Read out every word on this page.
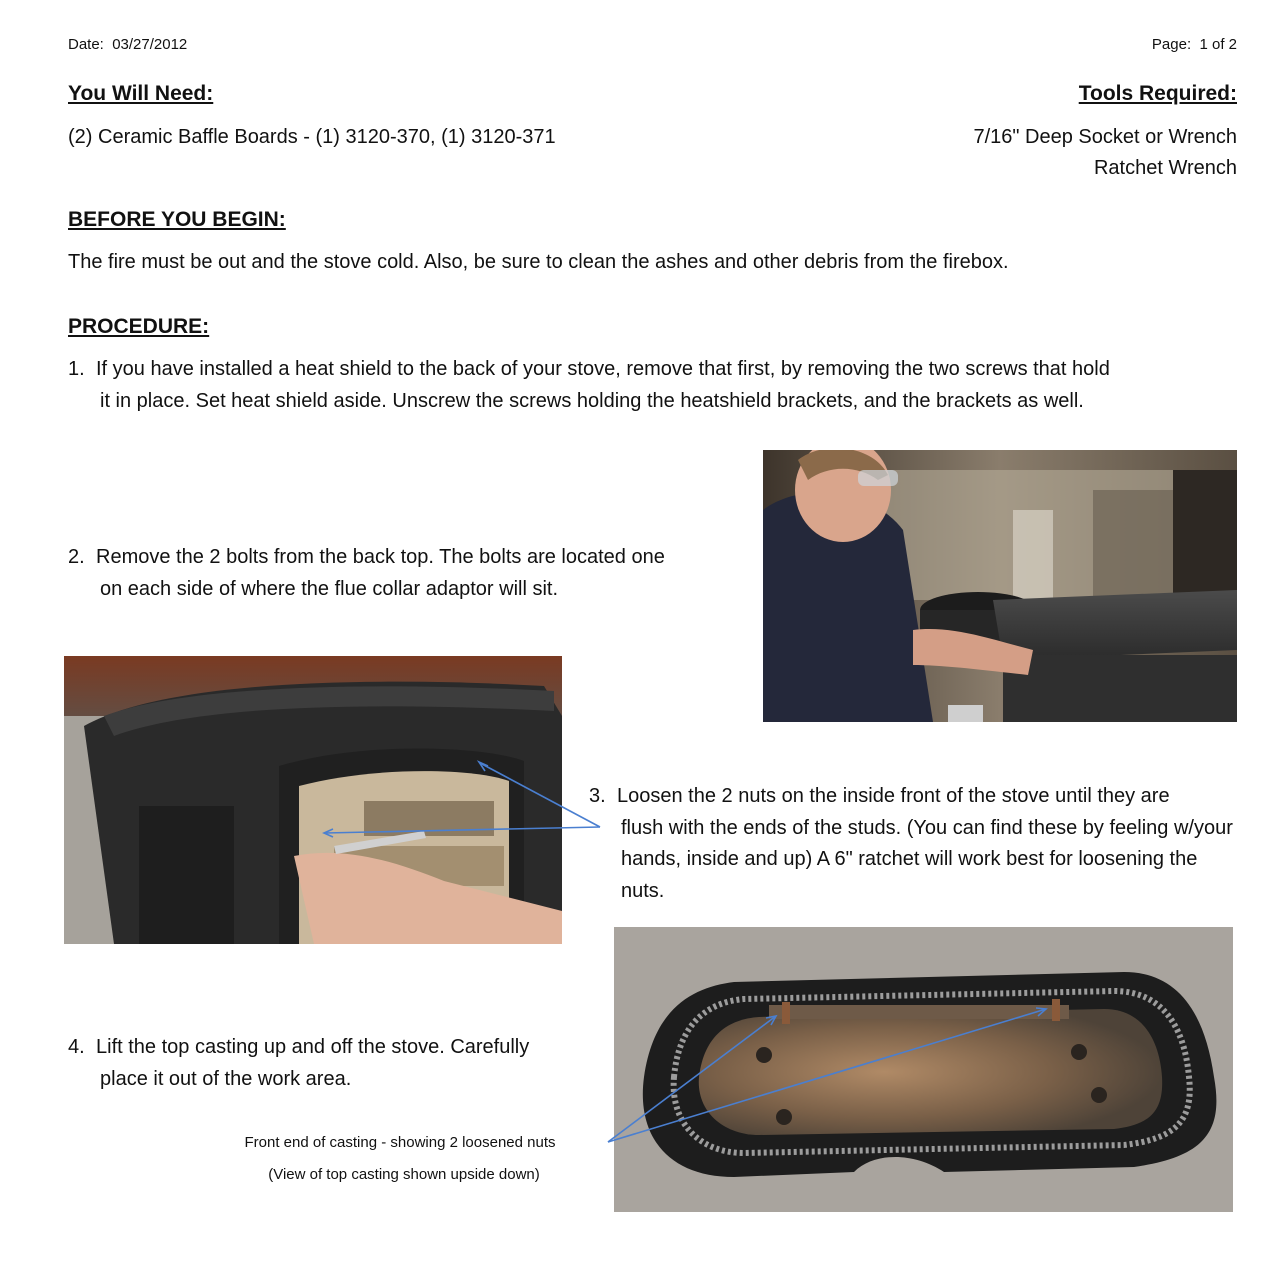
Date: 03/27/2012	Page: 1 of 2
You Will Need:	Tools Required:
(2) Ceramic Baffle Boards - (1) 3120-370, (1) 3120-371	7/16" Deep Socket or Wrench
Ratchet Wrench
BEFORE YOU BEGIN:
The fire must be out and the stove cold. Also, be sure to clean the ashes and other debris from the firebox.
PROCEDURE:
1. If you have installed a heat shield to the back of your stove, remove that first, by removing the two screws that hold
it in place. Set heat shield aside. Unscrew the screws holding the heatshield brackets, and the brackets as well.
2. Remove the 2 bolts from the back top. The bolts are located one
on each side of where the flue collar adaptor will sit.
3. Loosen the 2 nuts on the inside front of the stove until they are
flush with the ends of the studs. (You can find these by feeling w/your hands, inside and up) A 6" ratchet will work best for loosening the nuts.
4. Lift the top casting up and off the stove. Carefully
place it out of the work area.
Front end of casting - showing 2 loosened nuts
(View of top casting shown upside down)
